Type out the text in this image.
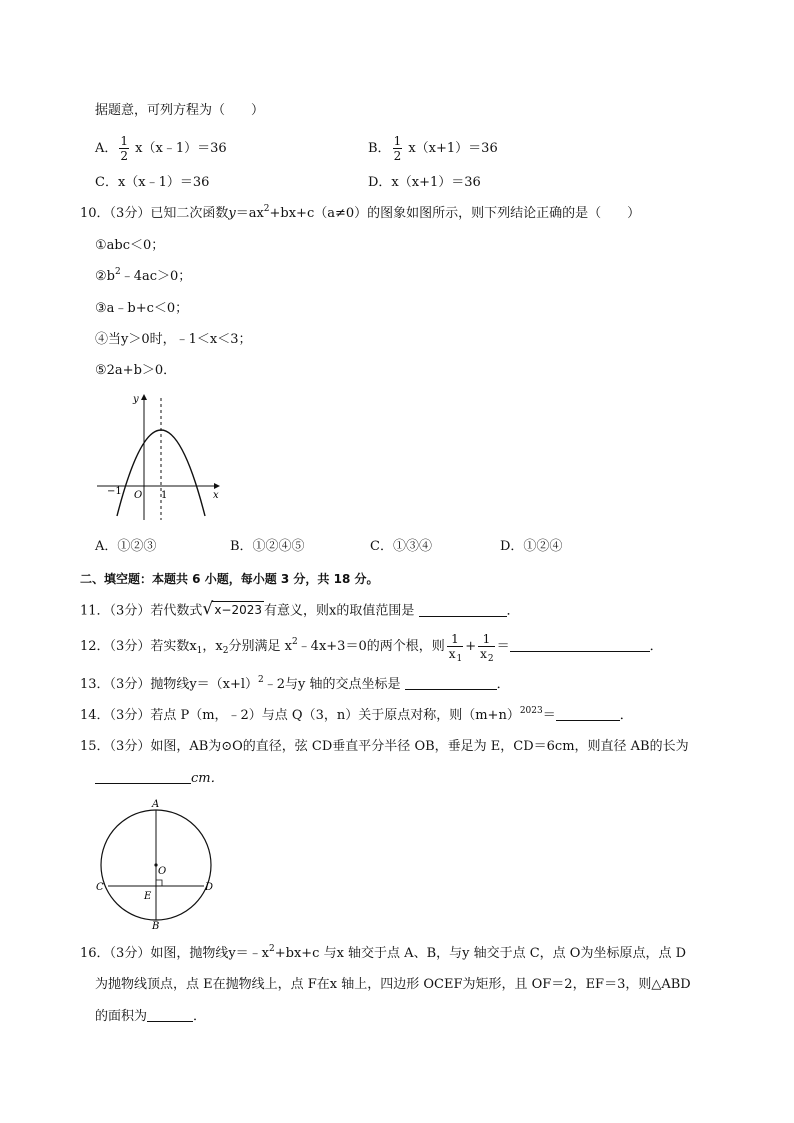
据题意，可列方程为（　　）
A． $\frac{1}{2}$ x（x﹣1）＝36	B． $\frac{1}{2} x(x+1)=36$
C．x（x﹣1）＝36	D．x（x+1）＝36
10．（3分）已知二次函数$y=ax^2+bx+c(a\ne 0)$的图象如图所示，则下列结论正确的是（　　）
①abc＜0；
$②b^2﹣4ac>0$；
③a﹣b+c＜0；
④当y＞0时，﹣1＜x＜3；
⑤2a+b＞0．
y
x
O
−1	1
A．①②③	B．①②④⑤	C．①③④	D．①②④
二、填空题：本题共 6 小题，每小题 3 分，共 18 分。
11．（3分）若代数式 √ x−2023 有意义，则x的取值范围是	．
12．（3分）若实数$x_1$，$x_2$分别满足 $x^2﹣4x+3=0$的两个根，则 $\frac{1}{x_1} + \frac{1}{x_2}$ ＝	．
13．（3分）抛物线$y=(x+l)^2﹣2$与y 轴的交点坐标是	．
14．（3分）若点 P（m，﹣2）与点 Q（3，n）关于原点对称，则$(m+n)^{2023}=$	．
15．（3分）如图，AB为⊙O的直径，弦 CD垂直平分半径 OB，垂足为 E，CD＝6cm，则直径 AB的长为
cm．
A
B
C	D
E
O
16．（3分）如图，抛物线$y=﹣x^2+bx+c$ 与x 轴交于点 A、B，与y 轴交于点 C，点 O为坐标原点，点 D
为抛物线顶点，点 E在抛物线上，点 F在x 轴上，四边形 OCEF为矩形，且 OF＝2，EF＝3，则△ABD
的面积为	．
